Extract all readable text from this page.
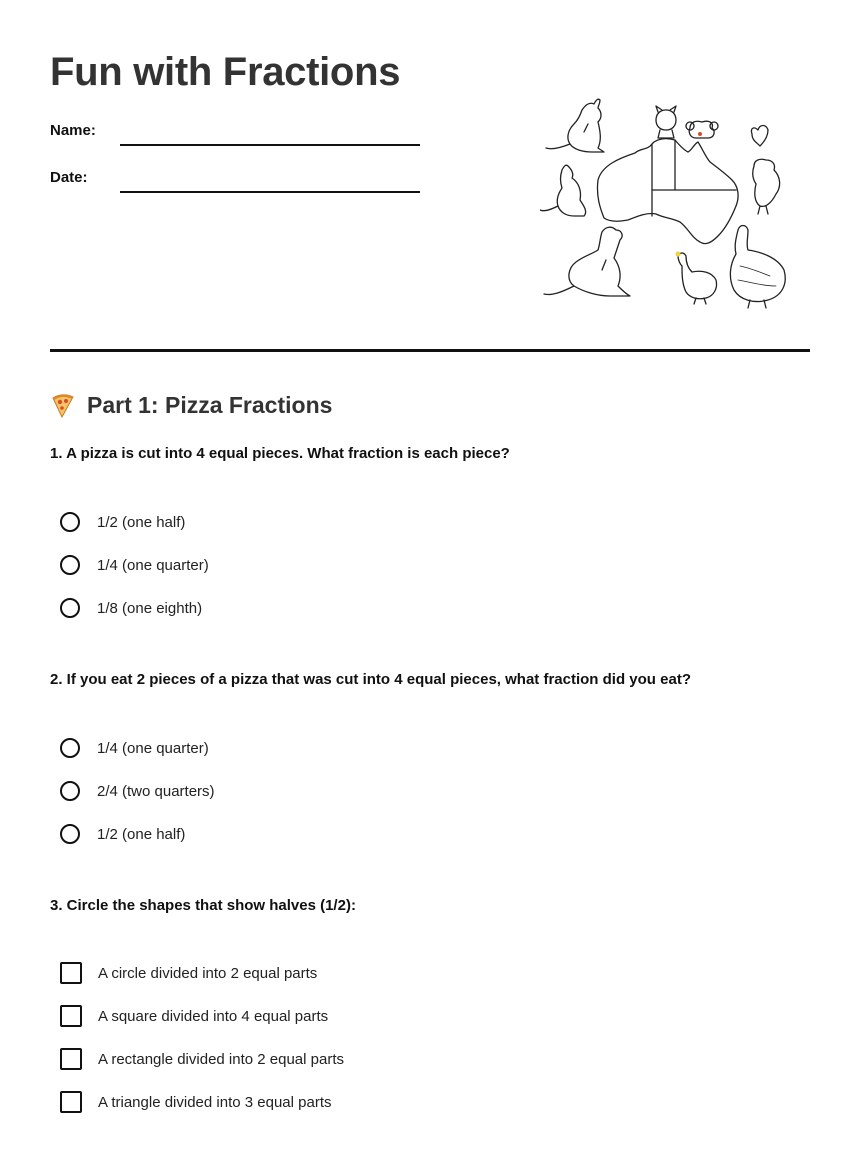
Fun with Fractions
Name:
Date:
Part 1: Pizza Fractions
1. A pizza is cut into 4 equal pieces. What fraction is each piece?
1/2 (one half)
1/4 (one quarter)
1/8 (one eighth)
2. If you eat 2 pieces of a pizza that was cut into 4 equal pieces, what fraction did you eat?
1/4 (one quarter)
2/4 (two quarters)
1/2 (one half)
3. Circle the shapes that show halves (1/2):
A circle divided into 2 equal parts
A square divided into 4 equal parts
A rectangle divided into 2 equal parts
A triangle divided into 3 equal parts
